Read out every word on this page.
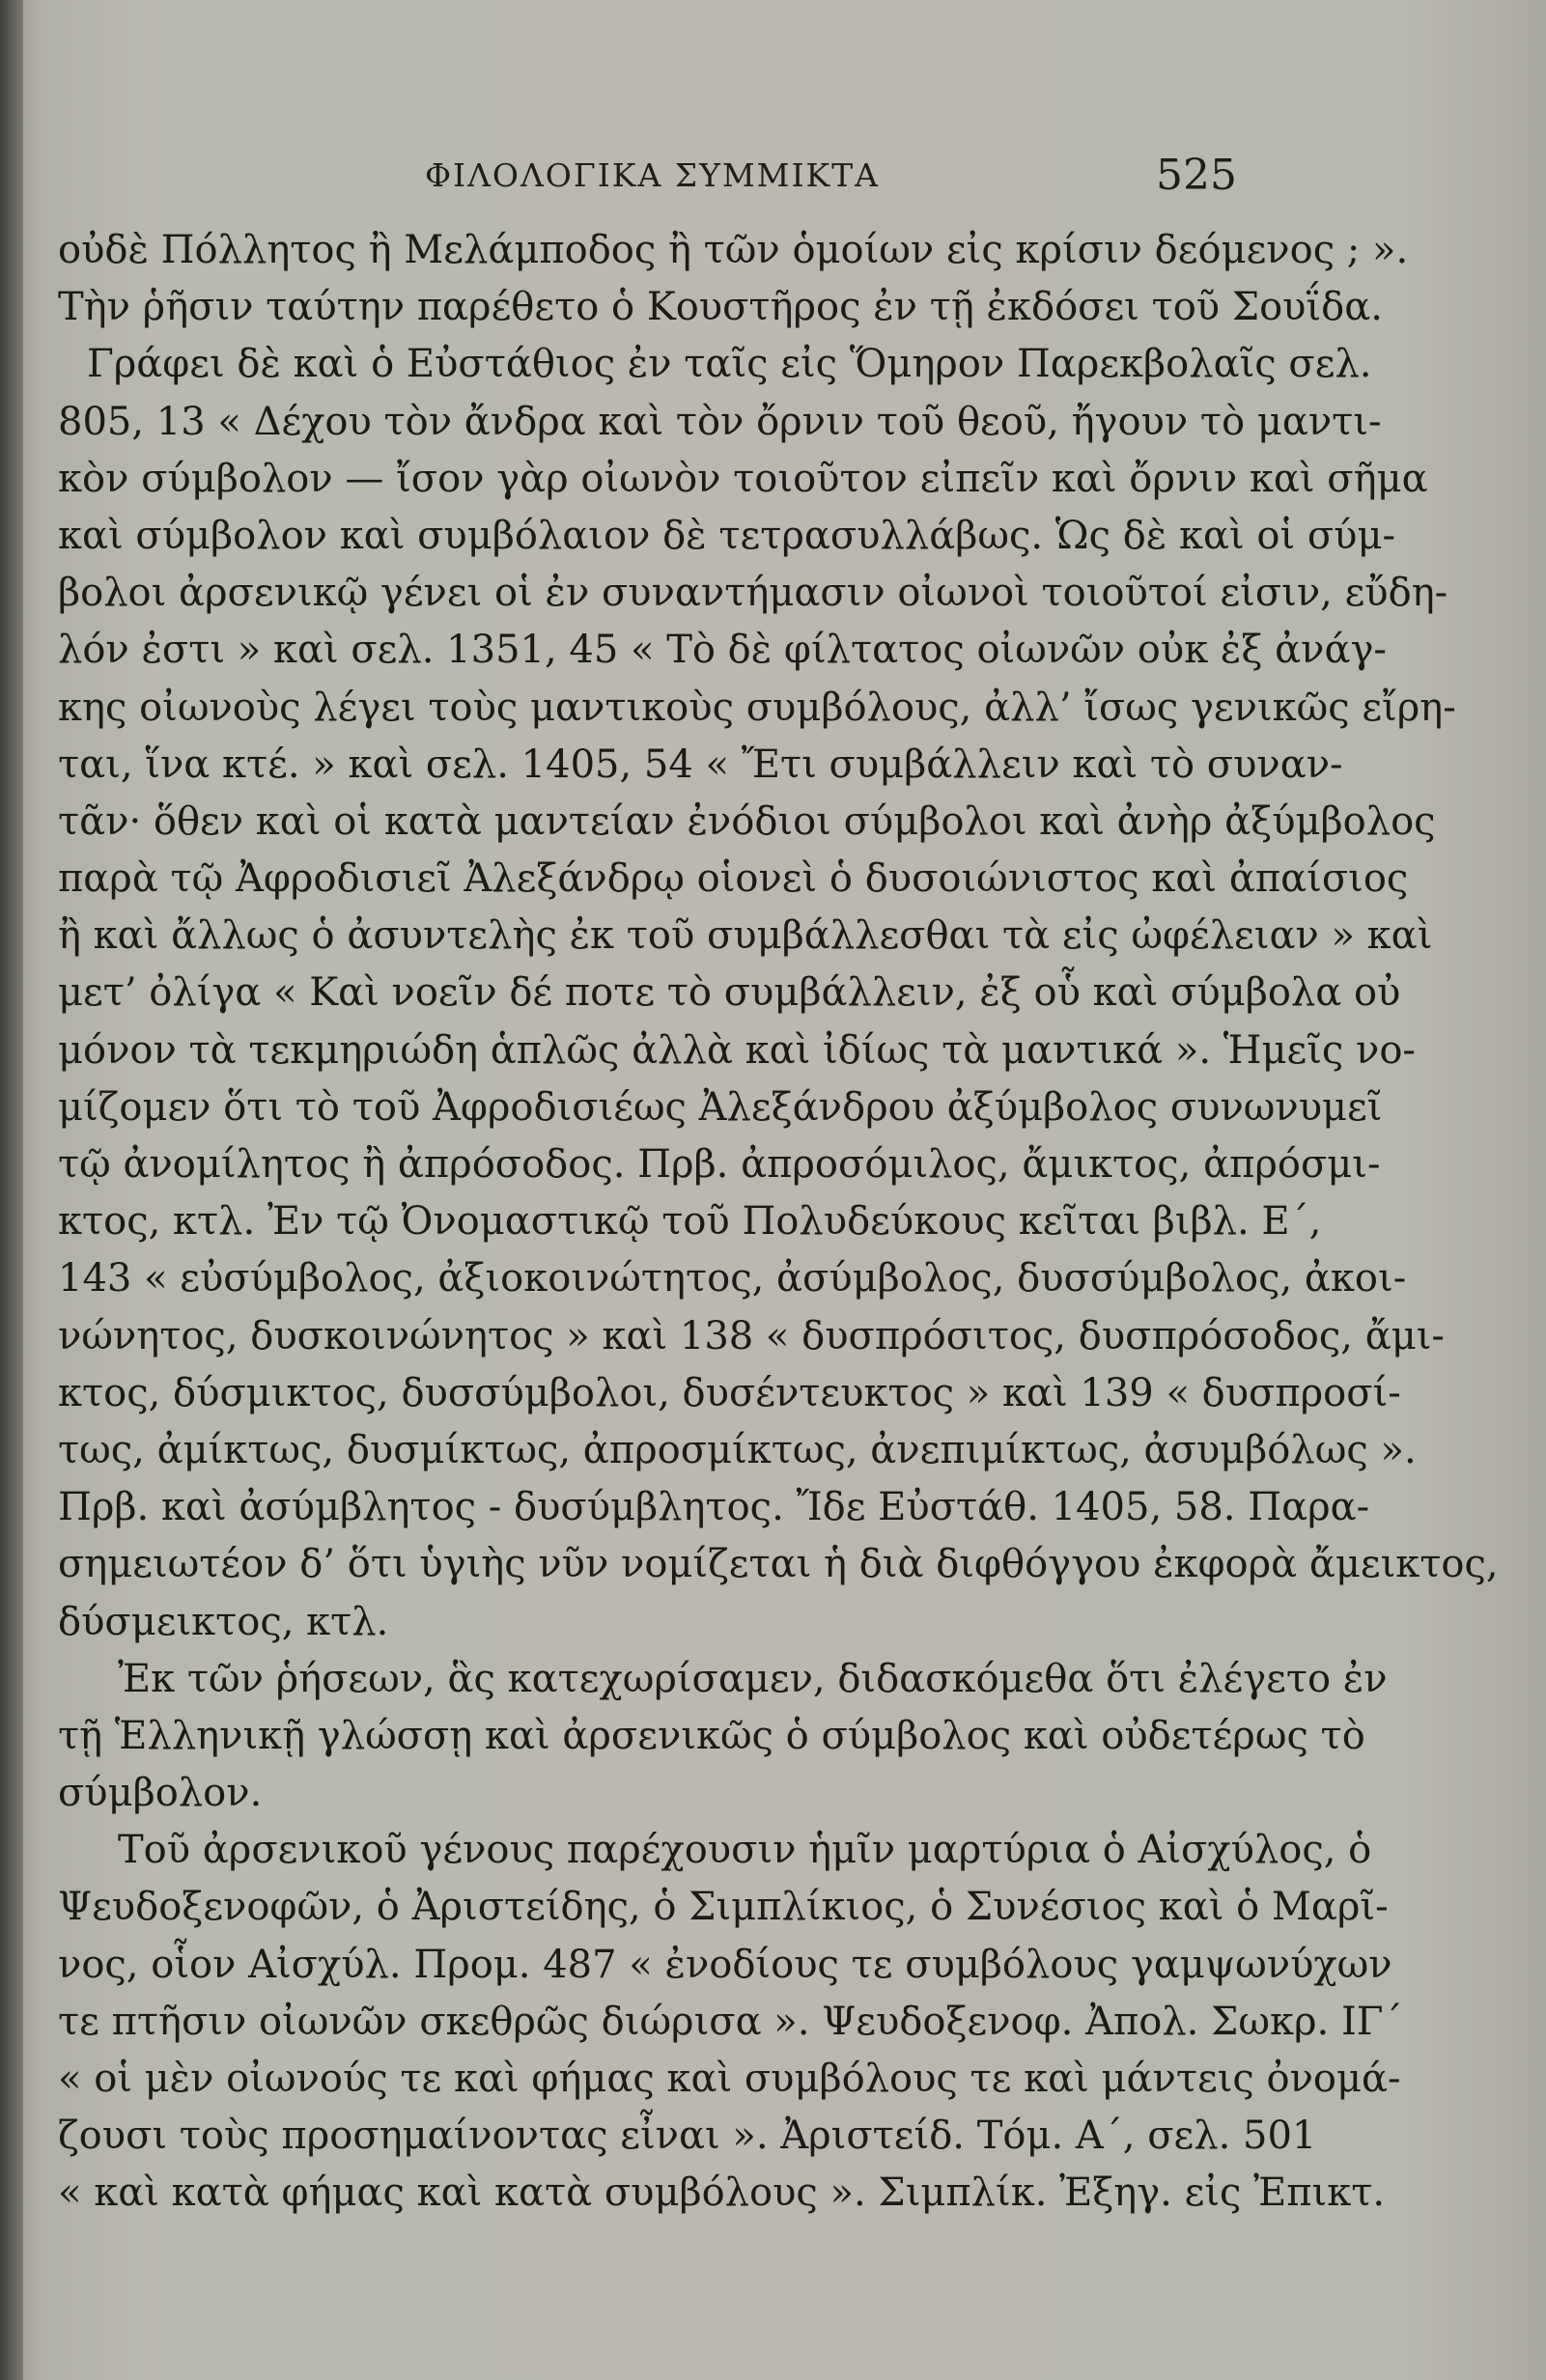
ΦΙΛΟΛΟΓΙΚΑ ΣΥΜΜΙΚΤΑ	525
οὐδὲ Πόλλητος ἢ Μελάμποδος ἢ τῶν ὁμοίων εἰς κρίσιν δεόμενος ; ».
Τὴν ῥῆσιν ταύτην παρέθετο ὁ Κουστῆρος ἐν τῇ ἐκδόσει τοῦ Σουΐδα.
Γράφει δὲ καὶ ὁ Εὐστάθιος ἐν ταῖς εἰς Ὅμηρον Παρεκβολαῖς σελ.
805, 13 « Δέχου τὸν ἄνδρα καὶ τὸν ὄρνιν τοῦ θεοῦ, ἤγουν τὸ μαντι-
κὸν σύμβολον — ἴσον γὰρ οἰωνὸν τοιοῦτον εἰπεῖν καὶ ὄρνιν καὶ σῆμα
καὶ σύμβολον καὶ συμβόλαιον δὲ τετρασυλλάβως. Ὡς δὲ καὶ οἱ σύμ-
βολοι ἀρσενικῷ γένει οἱ ἐν συναντήμασιν οἰωνοὶ τοιοῦτοί εἰσιν, εὔδη-
λόν ἐστι » καὶ σελ. 1351, 45 « Τὸ δὲ φίλτατος οἰωνῶν οὐκ ἐξ ἀνάγ-
κης οἰωνοὺς λέγει τοὺς μαντικοὺς συμβόλους, ἀλλ’ ἴσως γενικῶς εἴρη-
ται, ἵνα κτέ. » καὶ σελ. 1405, 54 « Ἔτι συμβάλλειν καὶ τὸ συναν-
τᾶν· ὅθεν καὶ οἱ κατὰ μαντείαν ἐνόδιοι σύμβολοι καὶ ἀνὴρ ἀξύμβολος
παρὰ τῷ Ἀφροδισιεῖ Ἀλεξάνδρῳ οἱονεὶ ὁ δυσοιώνιστος καὶ ἀπαίσιος
ἢ καὶ ἄλλως ὁ ἀσυντελὴς ἐκ τοῦ συμβάλλεσθαι τὰ εἰς ὠφέλειαν » καὶ
μετ’ ὀλίγα « Καὶ νοεῖν δέ ποτε τὸ συμβάλλειν, ἐξ οὗ καὶ σύμβολα οὐ
μόνον τὰ τεκμηριώδη ἁπλῶς ἀλλὰ καὶ ἰδίως τὰ μαντικά ». Ἡμεῖς νο-
μίζομεν ὅτι τὸ τοῦ Ἀφροδισιέως Ἀλεξάνδρου ἀξύμβολος συνωνυμεῖ
τῷ ἀνομίλητος ἢ ἀπρόσοδος. Πρβ. ἀπροσόμιλος, ἄμικτος, ἀπρόσμι-
κτος, κτλ. Ἐν τῷ Ὀνομαστικῷ τοῦ Πολυδεύκους κεῖται βιβλ. Ε΄,
143 « εὐσύμβολος, ἀξιοκοινώτητος, ἀσύμβολος, δυσσύμβολος, ἀκοι-
νώνητος, δυσκοινώνητος » καὶ 138 « δυσπρόσιτος, δυσπρόσοδος, ἄμι-
κτος, δύσμικτος, δυσσύμβολοι, δυσέντευκτος » καὶ 139 « δυσπροσί-
τως, ἀμίκτως, δυσμίκτως, ἀπροσμίκτως, ἀνεπιμίκτως, ἀσυμβόλως ».
Πρβ. καὶ ἀσύμβλητος - δυσύμβλητος. Ἴδε Εὐστάθ. 1405, 58. Παρα-
σημειωτέον δ’ ὅτι ὑγιὴς νῦν νομίζεται ἡ διὰ διφθόγγου ἐκφορὰ ἄμεικτος,
δύσμεικτος, κτλ.
Ἐκ τῶν ῥήσεων, ἃς κατεχωρίσαμεν, διδασκόμεθα ὅτι ἐλέγετο ἐν
τῇ Ἑλληνικῇ γλώσσῃ καὶ ἀρσενικῶς ὁ σύμβολος καὶ οὐδετέρως τὸ
σύμβολον.
Τοῦ ἀρσενικοῦ γένους παρέχουσιν ἡμῖν μαρτύρια ὁ Αἰσχύλος, ὁ
Ψευδοξενοφῶν, ὁ Ἀριστείδης, ὁ Σιμπλίκιος, ὁ Συνέσιος καὶ ὁ Μαρῖ-
νος, οἷον Αἰσχύλ. Προμ. 487 « ἐνοδίους τε συμβόλους γαμψωνύχων
τε πτῆσιν οἰωνῶν σκεθρῶς διώρισα ». Ψευδοξενοφ. Ἀπολ. Σωκρ. ΙΓ΄
« οἱ μὲν οἰωνούς τε καὶ φήμας καὶ συμβόλους τε καὶ μάντεις ὀνομά-
ζουσι τοὺς προσημαίνοντας εἶναι ». Ἀριστείδ. Τόμ. Α΄, σελ. 501
« καὶ κατὰ φήμας καὶ κατὰ συμβόλους ». Σιμπλίκ. Ἐξηγ. εἰς Ἐπικτ.
